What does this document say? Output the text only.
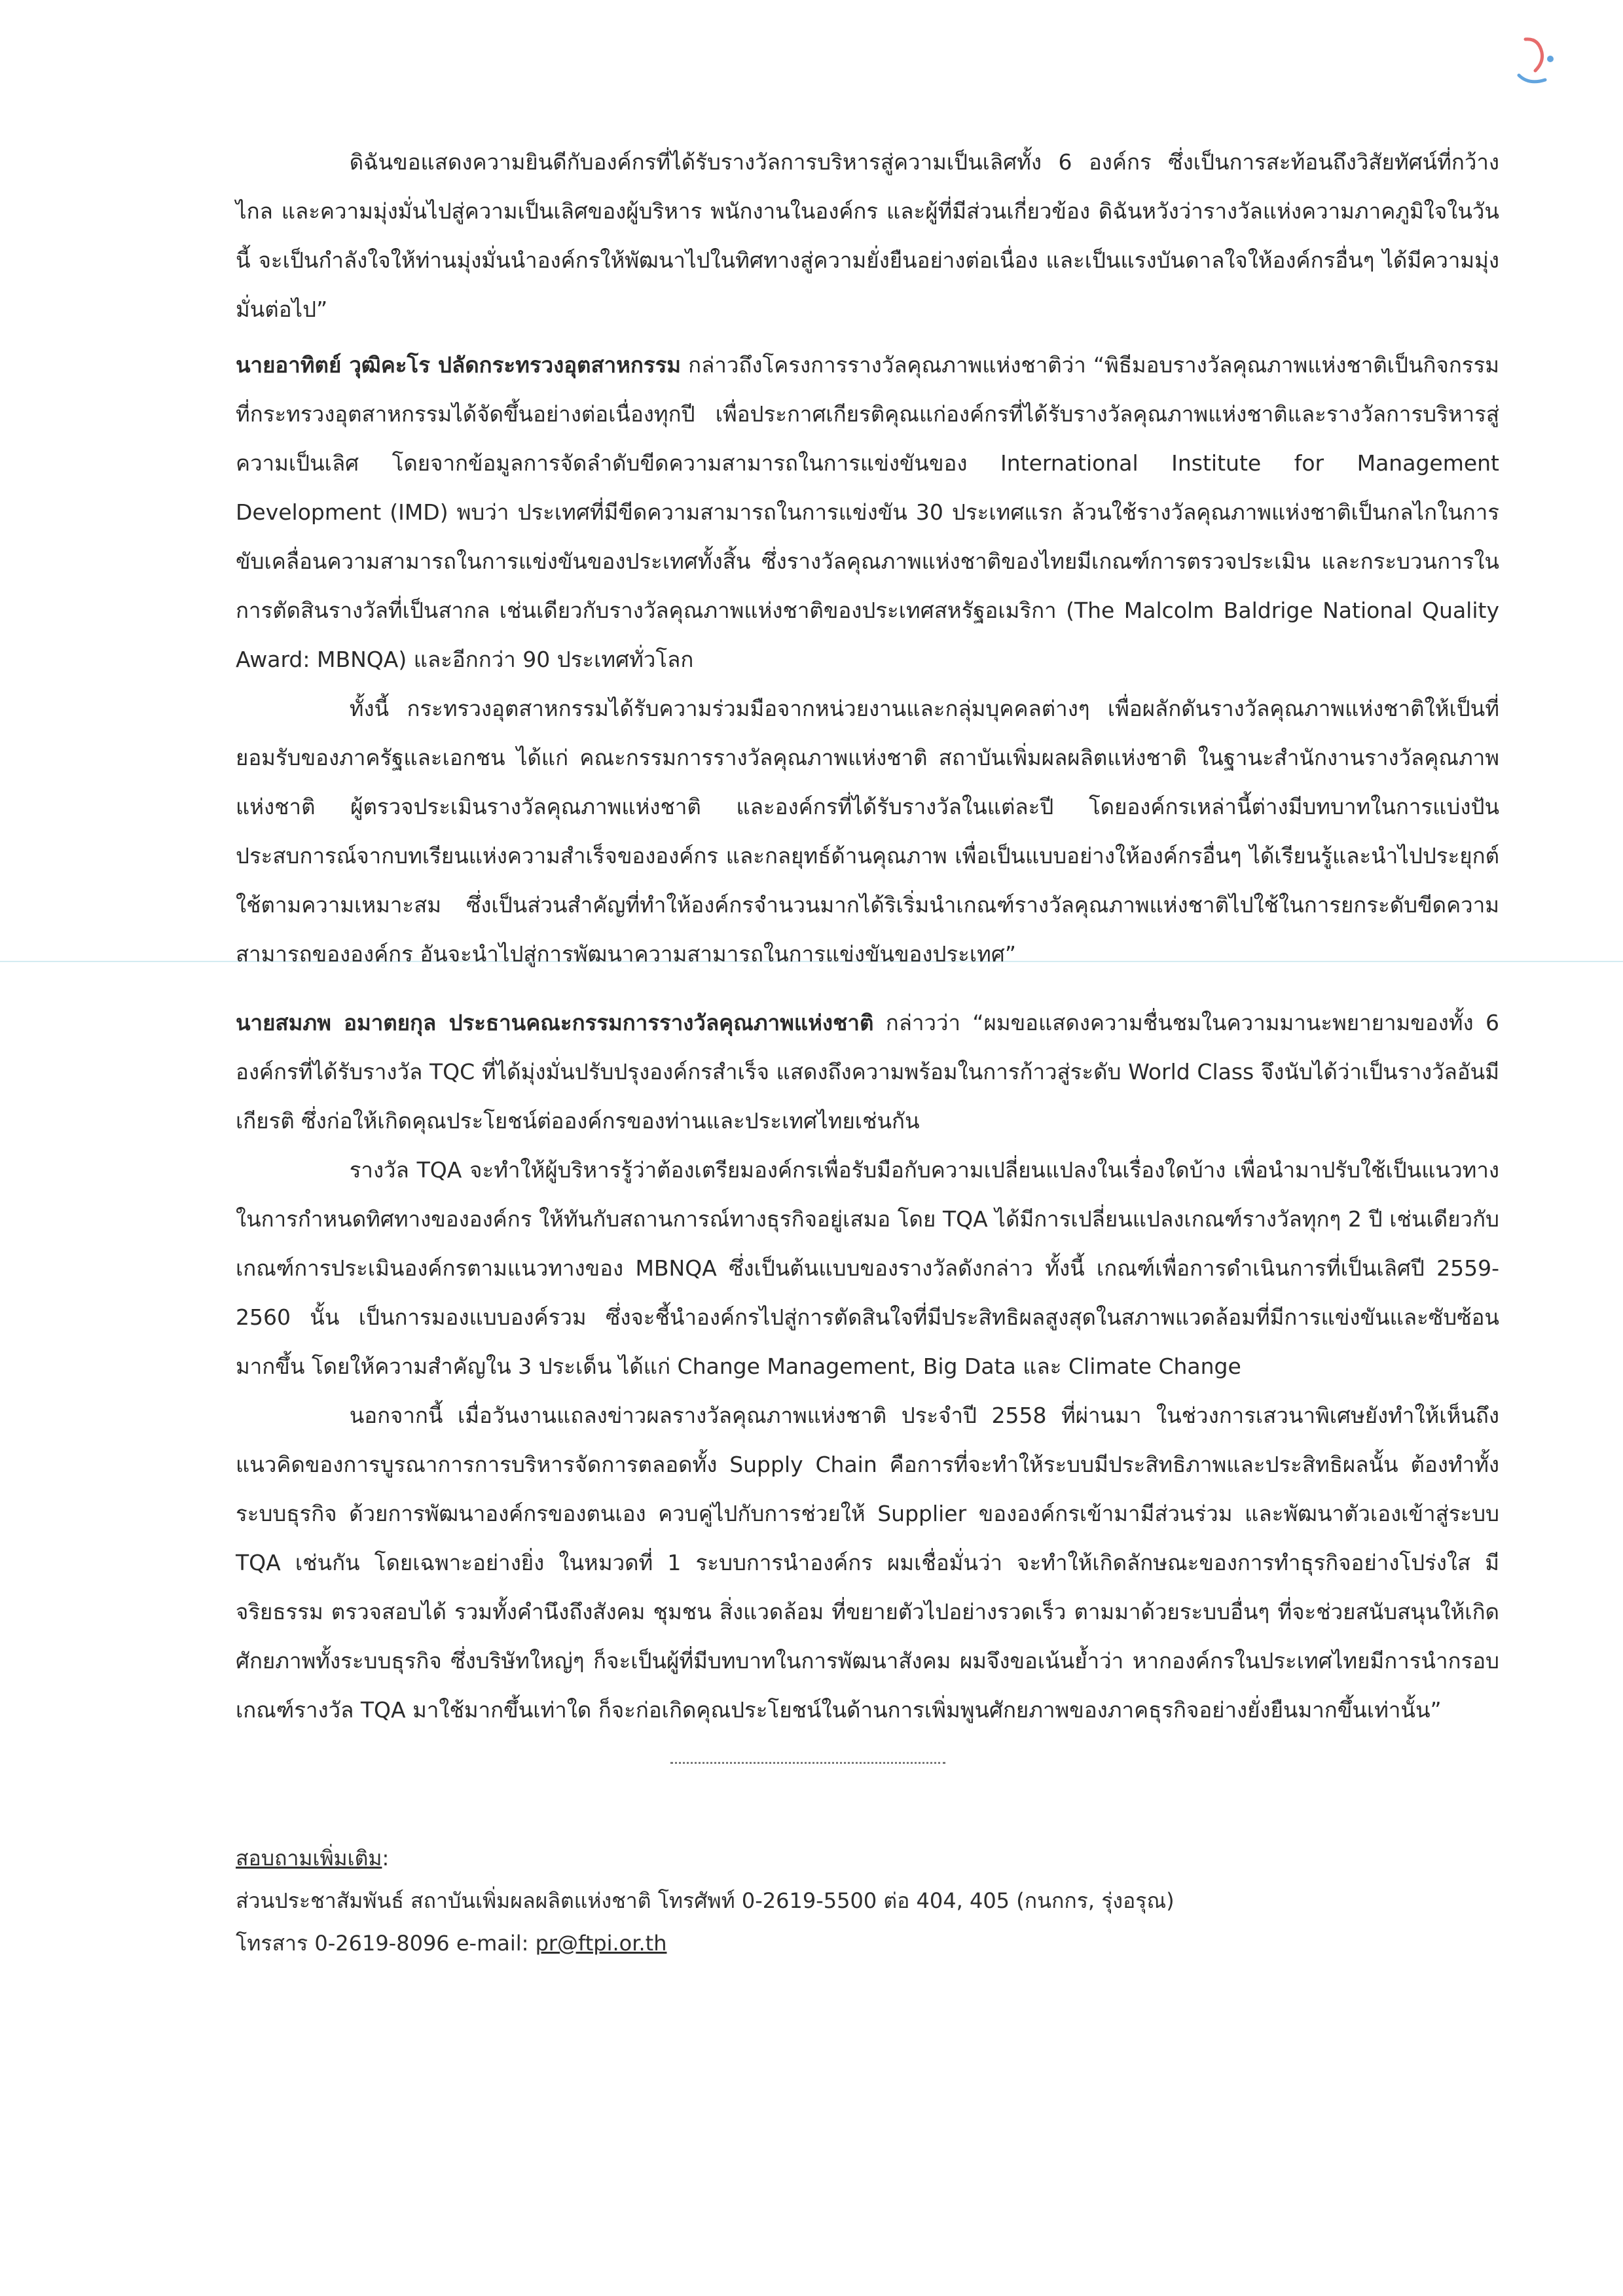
ดิฉันขอแสดงความยินดีกับองค์กรที่ได้รับรางวัลการบริหารสู่ความเป็นเลิศทั้ง 6 องค์กร ซึ่งเป็นการสะท้อนถึงวิสัยทัศน์ที่กว้างไกล และความมุ่งมั่นไปสู่ความเป็นเลิศของผู้บริหาร พนักงานในองค์กร และผู้ที่มีส่วนเกี่ยวข้อง ดิฉันหวังว่ารางวัลแห่งความภาคภูมิใจในวันนี้ จะเป็นกำลังใจให้ท่านมุ่งมั่นนำองค์กรให้พัฒนาไปในทิศทางสู่ความยั่งยืนอย่างต่อเนื่อง และเป็นแรงบันดาลใจให้องค์กรอื่นๆ ได้มีความมุ่งมั่นต่อไป”

นายอาทิตย์ วุฒิคะโร ปลัดกระทรวงอุตสาหกรรม กล่าวถึงโครงการรางวัลคุณภาพแห่งชาติว่า “พิธีมอบรางวัลคุณภาพแห่งชาติเป็นกิจกรรมที่กระทรวงอุตสาหกรรมได้จัดขึ้นอย่างต่อเนื่องทุกปี เพื่อประกาศเกียรติคุณแก่องค์กรที่ได้รับรางวัลคุณภาพแห่งชาติและรางวัลการบริหารสู่ความเป็นเลิศ โดยจากข้อมูลการจัดลำดับขีดความสามารถในการแข่งขันของ International Institute for Management Development (IMD) พบว่า ประเทศที่มีขีดความสามารถในการแข่งขัน 30 ประเทศแรก ล้วนใช้รางวัลคุณภาพแห่งชาติเป็นกลไกในการขับเคลื่อนความสามารถในการแข่งขันของประเทศทั้งสิ้น ซึ่งรางวัลคุณภาพแห่งชาติของไทยมีเกณฑ์การตรวจประเมิน และกระบวนการในการตัดสินรางวัลที่เป็นสากล เช่นเดียวกับรางวัลคุณภาพแห่งชาติของประเทศสหรัฐอเมริกา (The Malcolm Baldrige National Quality Award: MBNQA) และอีกกว่า 90 ประเทศทั่วโลก

ทั้งนี้ กระทรวงอุตสาหกรรมได้รับความร่วมมือจากหน่วยงานและกลุ่มบุคคลต่างๆ เพื่อผลักดันรางวัลคุณภาพแห่งชาติให้เป็นที่ยอมรับของภาครัฐและเอกชน ได้แก่ คณะกรรมการรางวัลคุณภาพแห่งชาติ สถาบันเพิ่มผลผลิตแห่งชาติ ในฐานะสำนักงานรางวัลคุณภาพแห่งชาติ ผู้ตรวจประเมินรางวัลคุณภาพแห่งชาติ และองค์กรที่ได้รับรางวัลในแต่ละปี โดยองค์กรเหล่านี้ต่างมีบทบาทในการแบ่งปันประสบการณ์จากบทเรียนแห่งความสำเร็จขององค์กร และกลยุทธ์ด้านคุณภาพ เพื่อเป็นแบบอย่างให้องค์กรอื่นๆ ได้เรียนรู้และนำไปประยุกต์ใช้ตามความเหมาะสม ซึ่งเป็นส่วนสำคัญที่ทำให้องค์กรจำนวนมากได้ริเริ่มนำเกณฑ์รางวัลคุณภาพแห่งชาติไปใช้ในการยกระดับขีดความสามารถขององค์กร อันจะนำไปสู่การพัฒนาความสามารถในการแข่งขันของประเทศ”

นายสมภพ อมาตยกุล ประธานคณะกรรมการรางวัลคุณภาพแห่งชาติ กล่าวว่า “ผมขอแสดงความชื่นชมในความมานะพยายามของทั้ง 6 องค์กรที่ได้รับรางวัล TQC ที่ได้มุ่งมั่นปรับปรุงองค์กรสำเร็จ แสดงถึงความพร้อมในการก้าวสู่ระดับ World Class จึงนับได้ว่าเป็นรางวัลอันมีเกียรติ ซึ่งก่อให้เกิดคุณประโยชน์ต่อองค์กรของท่านและประเทศไทยเช่นกัน

รางวัล TQA จะทำให้ผู้บริหารรู้ว่าต้องเตรียมองค์กรเพื่อรับมือกับความเปลี่ยนแปลงในเรื่องใดบ้าง เพื่อนำมาปรับใช้เป็นแนวทางในการกำหนดทิศทางขององค์กร ให้ทันกับสถานการณ์ทางธุรกิจอยู่เสมอ โดย TQA ได้มีการเปลี่ยนแปลงเกณฑ์รางวัลทุกๆ 2 ปี เช่นเดียวกับเกณฑ์การประเมินองค์กรตามแนวทางของ MBNQA ซึ่งเป็นต้นแบบของรางวัลดังกล่าว ทั้งนี้ เกณฑ์เพื่อการดำเนินการที่เป็นเลิศปี 2559-2560 นั้น เป็นการมองแบบองค์รวม ซึ่งจะชี้นำองค์กรไปสู่การตัดสินใจที่มีประสิทธิผลสูงสุดในสภาพแวดล้อมที่มีการแข่งขันและซับซ้อนมากขึ้น โดยให้ความสำคัญใน 3 ประเด็น ได้แก่ Change Management, Big Data และ Climate Change

นอกจากนี้ เมื่อวันงานแถลงข่าวผลรางวัลคุณภาพแห่งชาติ ประจำปี 2558 ที่ผ่านมา ในช่วงการเสวนาพิเศษยังทำให้เห็นถึงแนวคิดของการบูรณาการการบริหารจัดการตลอดทั้ง Supply Chain คือการที่จะทำให้ระบบมีประสิทธิภาพและประสิทธิผลนั้น ต้องทำทั้งระบบธุรกิจ ด้วยการพัฒนาองค์กรของตนเอง ควบคู่ไปกับการช่วยให้ Supplier ขององค์กรเข้ามามีส่วนร่วม และพัฒนาตัวเองเข้าสู่ระบบ TQA เช่นกัน โดยเฉพาะอย่างยิ่ง ในหมวดที่ 1 ระบบการนำองค์กร ผมเชื่อมั่นว่า จะทำให้เกิดลักษณะของการทำธุรกิจอย่างโปร่งใส มีจริยธรรม ตรวจสอบได้ รวมทั้งคำนึงถึงสังคม ชุมชน สิ่งแวดล้อม ที่ขยายตัวไปอย่างรวดเร็ว ตามมาด้วยระบบอื่นๆ ที่จะช่วยสนับสนุนให้เกิดศักยภาพทั้งระบบธุรกิจ ซึ่งบริษัทใหญ่ๆ ก็จะเป็นผู้ที่มีบทบาทในการพัฒนาสังคม ผมจึงขอเน้นย้ำว่า หากองค์กรในประเทศไทยมีการนำกรอบเกณฑ์รางวัล TQA มาใช้มากขึ้นเท่าใด ก็จะก่อเกิดคุณประโยชน์ในด้านการเพิ่มพูนศักยภาพของภาคธุรกิจอย่างยั่งยืนมากขึ้นเท่านั้น”

สอบถามเพิ่มเติม:

ส่วนประชาสัมพันธ์ สถาบันเพิ่มผลผลิตแห่งชาติ โทรศัพท์ 0-2619-5500 ต่อ 404, 405 (กนกกร, รุ่งอรุณ)

โทรสาร 0-2619-8096 e-mail: pr@ftpi.or.th
